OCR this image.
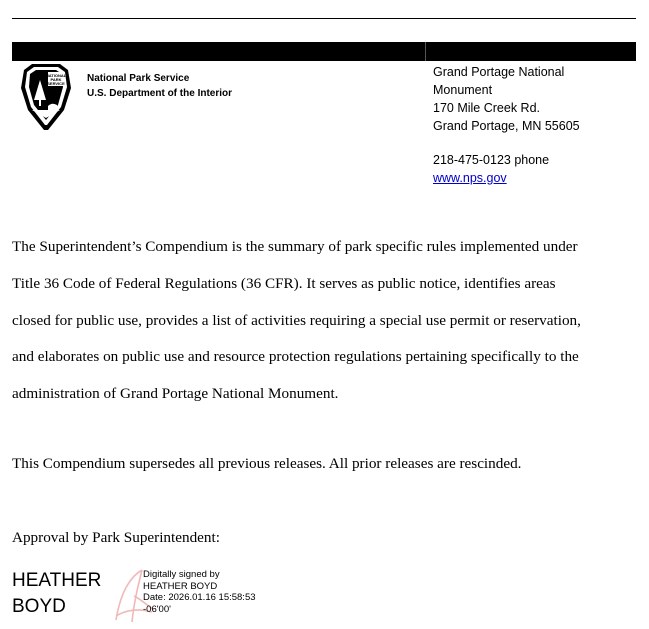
NATIONAL
PARK
SERVICE National Park Service
U.S. Department of the Interior
Grand Portage National
Monument
170 Mile Creek Rd.
Grand Portage, MN 55605
218-475-0123 phone
www.nps.gov

The Superintendent’s Compendium is the summary of park specific rules implemented under

Title 36 Code of Federal Regulations (36 CFR). It serves as public notice, identifies areas

closed for public use, provides a list of activities requiring a special use permit or reservation,

and elaborates on public use and resource protection regulations pertaining specifically to the

administration of Grand Portage National Monument.

This Compendium supersedes all previous releases. All prior releases are rescinded.
Approval by Park Superintendent:
HEATHER
BOYD
Digitally signed by
HEATHER BOYD
Date: 2026.01.16 15:58:53
-06'00'
